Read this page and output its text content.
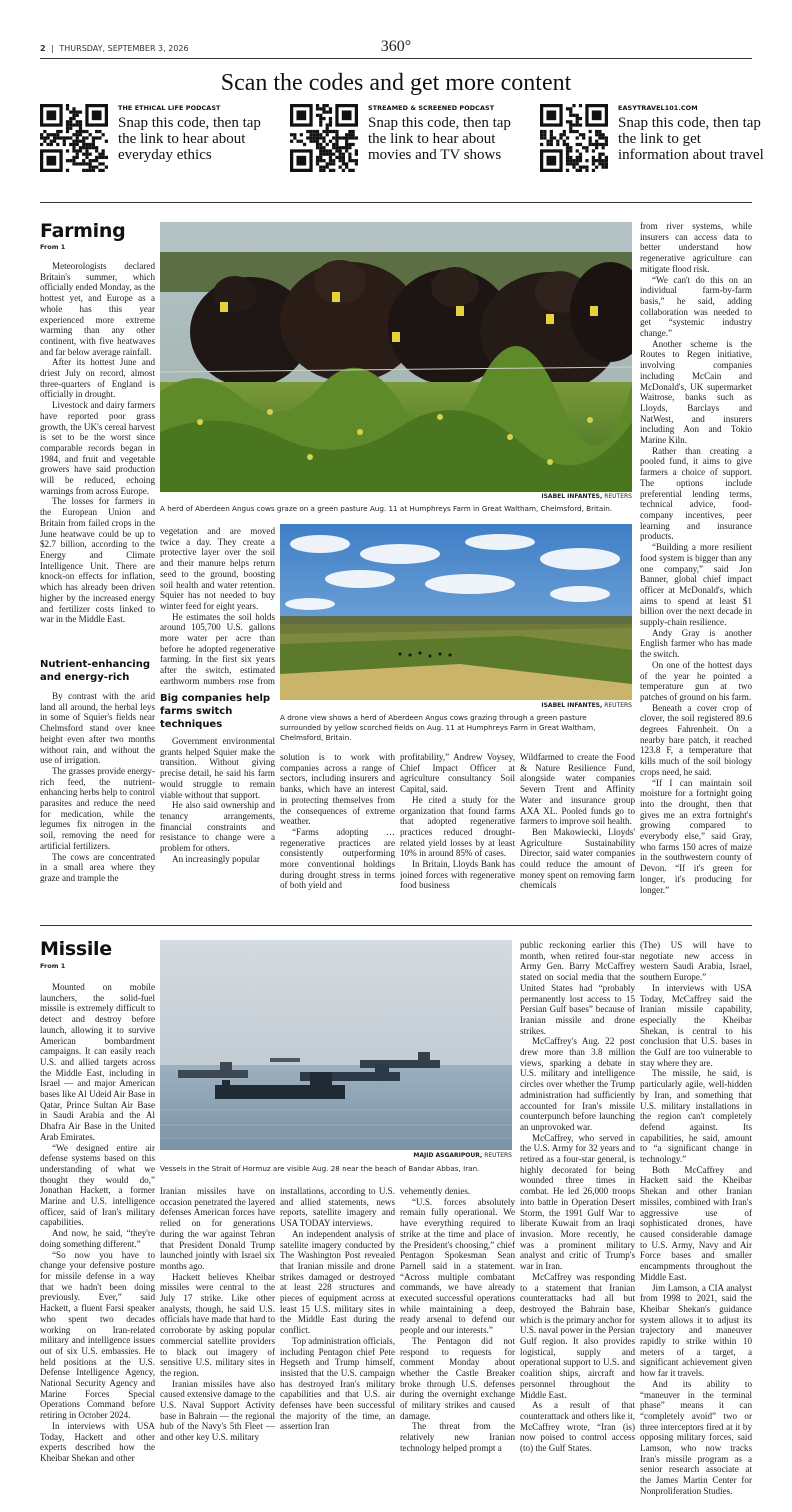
2 | THURSDAY, SEPTEMBER 3, 2026	360°
Scan the codes and get more content
THE ETHICAL LIFE PODCAST
Snap this code, then tap the link to hear about everyday ethics
STREAMED & SCREENED PODCAST
Snap this code, then tap the link to hear about movies and TV shows
EASYTRAVEL101.COM
Snap this code, then tap the link to get information about travel
Farming
From 1
ISABEL INFANTES, REUTERS
A herd of Aberdeen Angus cows graze on a green pasture Aug. 11 at Humphreys Farm in Great Waltham, Chelmsford, Britain.

Meteorologists declared Britain's summer, which officially ended Monday, as the hottest yet, and Europe as a whole has this year experienced more extreme warming than any other continent, with five heatwaves and far below average rainfall.

After its hottest June and driest July on record, almost three-quarters of England is officially in drought.

Livestock and dairy farmers have reported poor grass growth, the UK's cereal harvest is set to be the worst since comparable records began in 1984, and fruit and vegetable growers have said production will be reduced, echoing warnings from across Europe.

The losses for farmers in the European Union and Britain from failed crops in the June heatwave could be up to $2.7 billion, according to the Energy and Climate Intelligence Unit. There are knock-on effects for inflation, which has already been driven higher by the increased energy and fertilizer costs linked to war in the Middle East.

Nutrient-enhancing and energy-rich

By contrast with the arid land all around, the herbal leys in some of Squier's fields near Chelmsford stand over knee height even after two months without rain, and without the use of irrigation.

The grasses provide energy-rich feed, the nutrient-enhancing herbs help to control parasites and reduce the need for medication, while the legumes fix nitrogen in the soil, removing the need for artificial fertilizers.

The cows are concentrated in a small area where they graze and trample the

vegetation and are moved twice a day. They create a protective layer over the soil and their manure helps return seed to the ground, boosting soil health and water retention. Squier has not needed to buy winter feed for eight years.

He estimates the soil holds around 105,700 U.S. gallons more water per acre than before he adopted regenerative farming. In the first six years after the switch, estimated earthworm numbers rose from

Big companies help farms switch techniques

Government environmental grants helped Squier make the transition. Without giving precise detail, he said his farm would struggle to remain viable without that support.

He also said ownership and tenancy arrangements, financial constraints and resistance to change were a problem for others.

An increasingly popular

ISABEL INFANTES, REUTERS
A drone view shows a herd of Aberdeen Angus cows grazing through a green pasture surrounded by yellow scorched fields on Aug. 11 at Humphreys Farm in Great Waltham, Chelmsford, Britain.

solution is to work with companies across a range of sectors, including insurers and banks, which have an interest in protecting themselves from the consequences of extreme weather.

“Farms adopting … regenerative practices are consistently outperforming more conventional holdings during drought stress in terms of both yield and

profitability,” Andrew Voysey, Chief Impact Officer at agriculture consultancy Soil Capital, said.

He cited a study for the organization that found farms that adopted regenerative practices reduced drought-related yield losses by at least 10% in around 85% of cases.

In Britain, Lloyds Bank has joined forces with regenerative food business

Wildfarmed to create the Food & Nature Resilience Fund, alongside water companies Severn Trent and Affinity Water and insurance group AXA XL. Pooled funds go to farmers to improve soil health.

Ben Makowiecki, Lloyds' Agriculture Sustainability Director, said water companies could reduce the amount of money spent on removing farm chemicals

from river systems, while insurers can access data to better understand how regenerative agriculture can mitigate flood risk.

“We can't do this on an individual farm-by-farm basis,” he said, adding collaboration was needed to get “systemic industry change.”

Another scheme is the Routes to Regen initiative, involving companies including McCain and McDonald's, UK supermarket Waitrose, banks such as Lloyds, Barclays and NatWest, and insurers including Aon and Tokio Marine Kiln.

Rather than creating a pooled fund, it aims to give farmers a choice of support. The options include preferential lending terms, technical advice, food-company incentives, peer learning and insurance products.

“Building a more resilient food system is bigger than any one company,” said Jon Banner, global chief impact officer at McDonald's, which aims to spend at least $1 billion over the next decade in supply-chain resilience.

Andy Gray is another English farmer who has made the switch.

On one of the hottest days of the year he pointed a temperature gun at two patches of ground on his farm.

Beneath a cover crop of clover, the soil registered 89.6 degrees Fahrenheit. On a nearby bare patch, it reached 123.8 F, a temperature that kills much of the soil biology crops need, he said.

“If I can maintain soil moisture for a fortnight going into the drought, then that gives me an extra fortnight's growing compared to everybody else,” said Gray, who farms 150 acres of maize in the southwestern county of Devon. “If it's green for longer, it's producing for longer.”

Missile
From 1
MAJID ASGARIPOUR, REUTERS
Vessels in the Strait of Hormuz are visible Aug. 28 near the beach of Bandar Abbas, Iran.

Mounted on mobile launchers, the solid-fuel missile is extremely difficult to detect and destroy before launch, allowing it to survive American bombardment campaigns. It can easily reach U.S. and allied targets across the Middle East, including in Israel — and major American bases like Al Udeid Air Base in Qatar, Prince Sultan Air Base in Saudi Arabia and the Al Dhafra Air Base in the United Arab Emirates.

“We designed entire air defense systems based on this understanding of what we thought they would do,” Jonathan Hackett, a former Marine and U.S. intelligence officer, said of Iran's military capabilities.

And now, he said, “they're doing something different.”

“So now you have to change your defensive posture for missile defense in a way that we hadn't been doing previously. Ever,” said Hackett, a fluent Farsi speaker who spent two decades working on Iran-related military and intelligence issues out of six U.S. embassies. He held positions at the U.S. Defense Intelligence Agency, National Security Agency and Marine Forces Special Operations Command before retiring in October 2024.

In interviews with USA Today, Hackett and other experts described how the Kheibar Shekan and other

Iranian missiles have on occasion penetrated the layered defenses American forces have relied on for generations during the war against Tehran that President Donald Trump launched jointly with Israel six months ago.

Hackett believes Kheibar missiles were central to the July 17 strike. Like other analysts, though, he said U.S. officials have made that hard to corroborate by asking popular commercial satellite providers to black out imagery of sensitive U.S. military sites in the region.

Iranian missiles have also caused extensive damage to the U.S. Naval Support Activity base in Bahrain — the regional hub of the Navy's 5th Fleet — and other key U.S. military

installations, according to U.S. and allied statements, news reports, satellite imagery and USA TODAY interviews.

An independent analysis of satellite imagery conducted by The Washington Post revealed that Iranian missile and drone strikes damaged or destroyed at least 228 structures and pieces of equipment across at least 15 U.S. military sites in the Middle East during the conflict.

Top administration officials, including Pentagon chief Pete Hegseth and Trump himself, insisted that the U.S. campaign has destroyed Iran's military capabilities and that U.S. air defenses have been successful the majority of the time, an assertion Iran

vehemently denies.

“U.S. forces absolutely remain fully operational. We have everything required to strike at the time and place of the President's choosing,” chief Pentagon Spokesman Sean Parnell said in a statement. “Across multiple combatant commands, we have already executed successful operations while maintaining a deep, ready arsenal to defend our people and our interests.”

The Pentagon did not respond to requests for comment Monday about whether the Castle Breaker broke through U.S. defenses during the overnight exchange of military strikes and caused damage.

The threat from the relatively new Iranian technology helped prompt a

public reckoning earlier this month, when retired four-star Army Gen. Barry McCaffrey stated on social media that the United States had “probably permanently lost access to 15 Persian Gulf bases” because of Iranian missile and drone strikes.

McCaffrey's Aug. 22 post drew more than 3.8 million views, sparking a debate in U.S. military and intelligence circles over whether the Trump administration had sufficiently accounted for Iran's missile counterpunch before launching an unprovoked war.

McCaffrey, who served in the U.S. Army for 32 years and retired as a four-star general, is highly decorated for being wounded three times in combat. He led 26,000 troops into battle in Operation Desert Storm, the 1991 Gulf War to liberate Kuwait from an Iraqi invasion. More recently, he was a prominent military analyst and critic of Trump's war in Iran.

McCaffrey was responding to a statement that Iranian counterattacks had all but destroyed the Bahrain base, which is the primary anchor for U.S. naval power in the Persian Gulf region. It also provides logistical, supply and operational support to U.S. and coalition ships, aircraft and personnel throughout the Middle East.

As a result of that counterattack and others like it, McCaffrey wrote, “Iran (is) now poised to control access (to) the Gulf States.

(The) US will have to negotiate new access in western Saudi Arabia, Israel, southern Europe.”

In interviews with USA Today, McCaffrey said the Iranian missile capability, especially the Kheibar Shekan, is central to his conclusion that U.S. bases in the Gulf are too vulnerable to stay where they are.

The missile, he said, is particularly agile, well-hidden by Iran, and something that U.S. military installations in the region can't completely defend against. Its capabilities, he said, amount to “a significant change in technology.”

Both McCaffrey and Hackett said the Kheibar Shekan and other Iranian missiles, combined with Iran's aggressive use of sophisticated drones, have caused considerable damage to U.S. Army, Navy and Air Force bases and smaller encampments throughout the Middle East.

Jim Lamson, a CIA analyst from 1998 to 2021, said the Kheibar Shekan's guidance system allows it to adjust its trajectory and maneuver rapidly to strike within 10 meters of a target, a significant achievement given how far it travels.

And its ability to “maneuver in the terminal phase” means it can “completely avoid” two or three interceptors fired at it by opposing military forces, said Lamson, who now tracks Iran's missile program as a senior research associate at the James Martin Center for Nonproliferation Studies.
